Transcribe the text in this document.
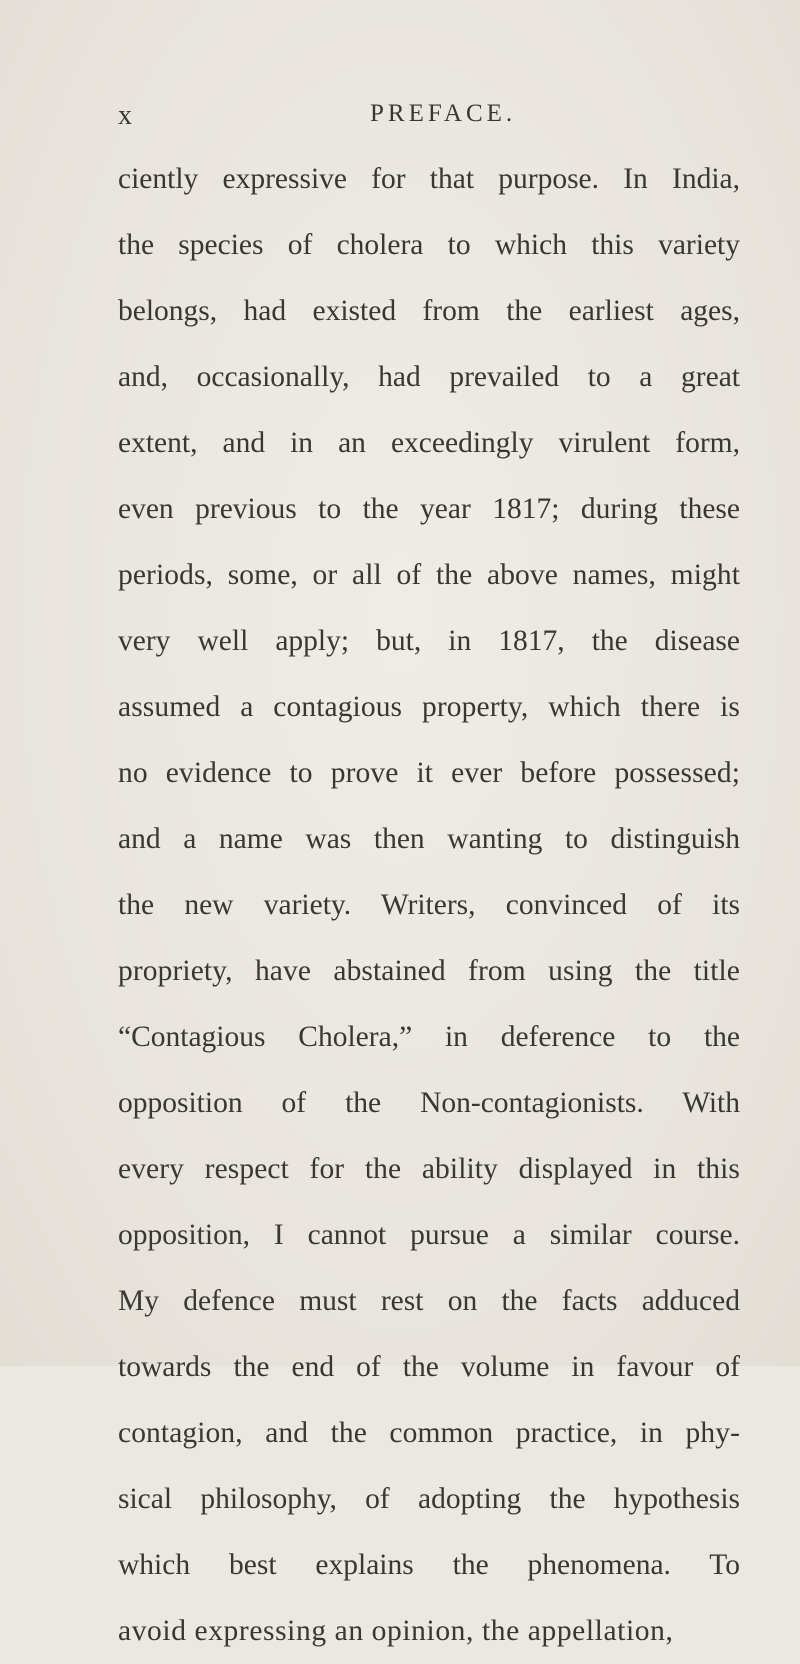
x	PREFACE.
ciently expressive for that purpose. In India,
the species of cholera to which this variety
belongs, had existed from the earliest ages,
and, occasionally, had prevailed to a great
extent, and in an exceedingly virulent form,
even previous to the year 1817; during these
periods, some, or all of the above names, might
very well apply; but, in 1817, the disease
assumed a contagious property, which there is
no evidence to prove it ever before possessed;
and a name was then wanting to distinguish
the new variety. Writers, convinced of its
propriety, have abstained from using the title
“Contagious Cholera,” in deference to the
opposition of the Non-contagionists. With
every respect for the ability displayed in this
opposition, I cannot pursue a similar course.
My defence must rest on the facts adduced
towards the end of the volume in favour of
contagion, and the common practice, in phy-
sical philosophy, of adopting the hypothesis
which best explains the phenomena. To
avoid expressing an opinion, the appellation,
